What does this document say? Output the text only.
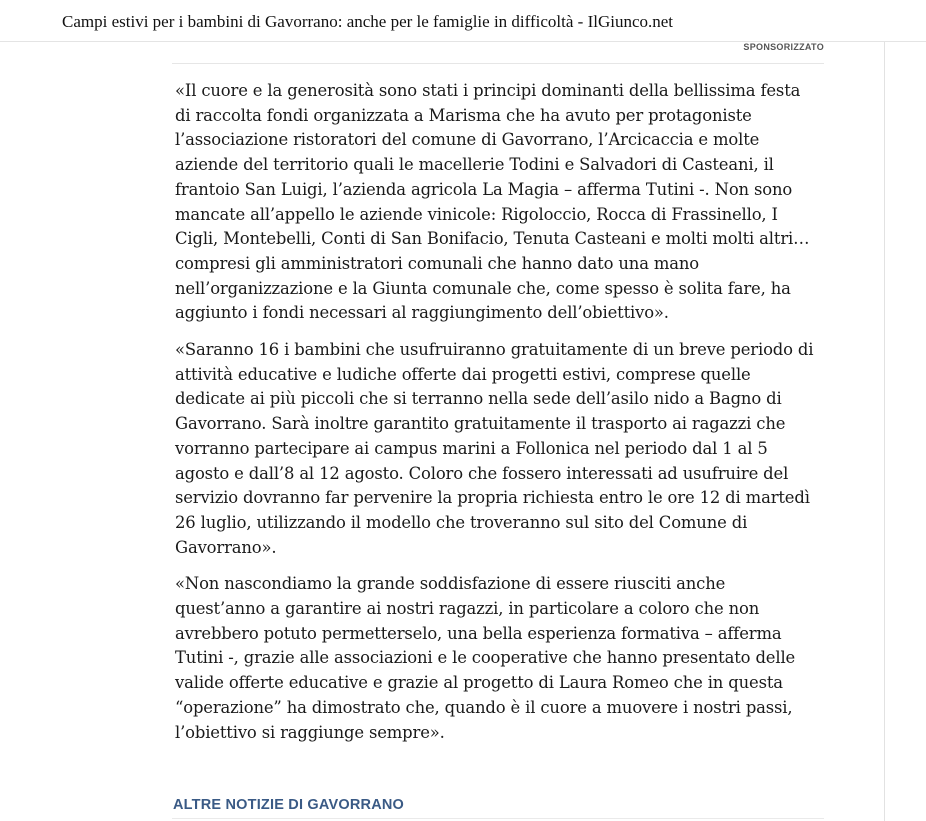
Campi estivi per i bambini di Gavorrano: anche per le famiglie in difficoltà - IlGiunco.net
SPONSORIZZATO

«Il cuore e la generosità sono stati i principi dominanti della bellissima festa
di raccolta fondi organizzata a Marisma che ha avuto per protagoniste
l’associazione ristoratori del comune di Gavorrano, l’Arcicaccia e molte
aziende del territorio quali le macellerie Todini e Salvadori di Casteani, il
frantoio San Luigi, l’azienda agricola La Magia – afferma Tutini -. Non sono
mancate all’appello le aziende vinicole: Rigoloccio, Rocca di Frassinello, I
Cigli, Montebelli, Conti di San Bonifacio, Tenuta Casteani e molti molti altri…
compresi gli amministratori comunali che hanno dato una mano
nell’organizzazione e la Giunta comunale che, come spesso è solita fare, ha
aggiunto i fondi necessari al raggiungimento dell’obiettivo».

«Saranno 16 i bambini che usufruiranno gratuitamente di un breve periodo di
attività educative e ludiche offerte dai progetti estivi, comprese quelle
dedicate ai più piccoli che si terranno nella sede dell’asilo nido a Bagno di
Gavorrano. Sarà inoltre garantito gratuitamente il trasporto ai ragazzi che
vorranno partecipare ai campus marini a Follonica nel periodo dal 1 al 5
agosto e dall’8 al 12 agosto. Coloro che fossero interessati ad usufruire del
servizio dovranno far pervenire la propria richiesta entro le ore 12 di martedì
26 luglio, utilizzando il modello che troveranno sul sito del Comune di
Gavorrano».

«Non nascondiamo la grande soddisfazione di essere riusciti anche
quest’anno a garantire ai nostri ragazzi, in particolare a coloro che non
avrebbero potuto permetterselo, una bella esperienza formativa – afferma
Tutini -, grazie alle associazioni e le cooperative che hanno presentato delle
valide offerte educative e grazie al progetto di Laura Romeo che in questa
“operazione” ha dimostrato che, quando è il cuore a muovere i nostri passi,
l’obiettivo si raggiunge sempre».

ALTRE NOTIZIE DI GAVORRANO
